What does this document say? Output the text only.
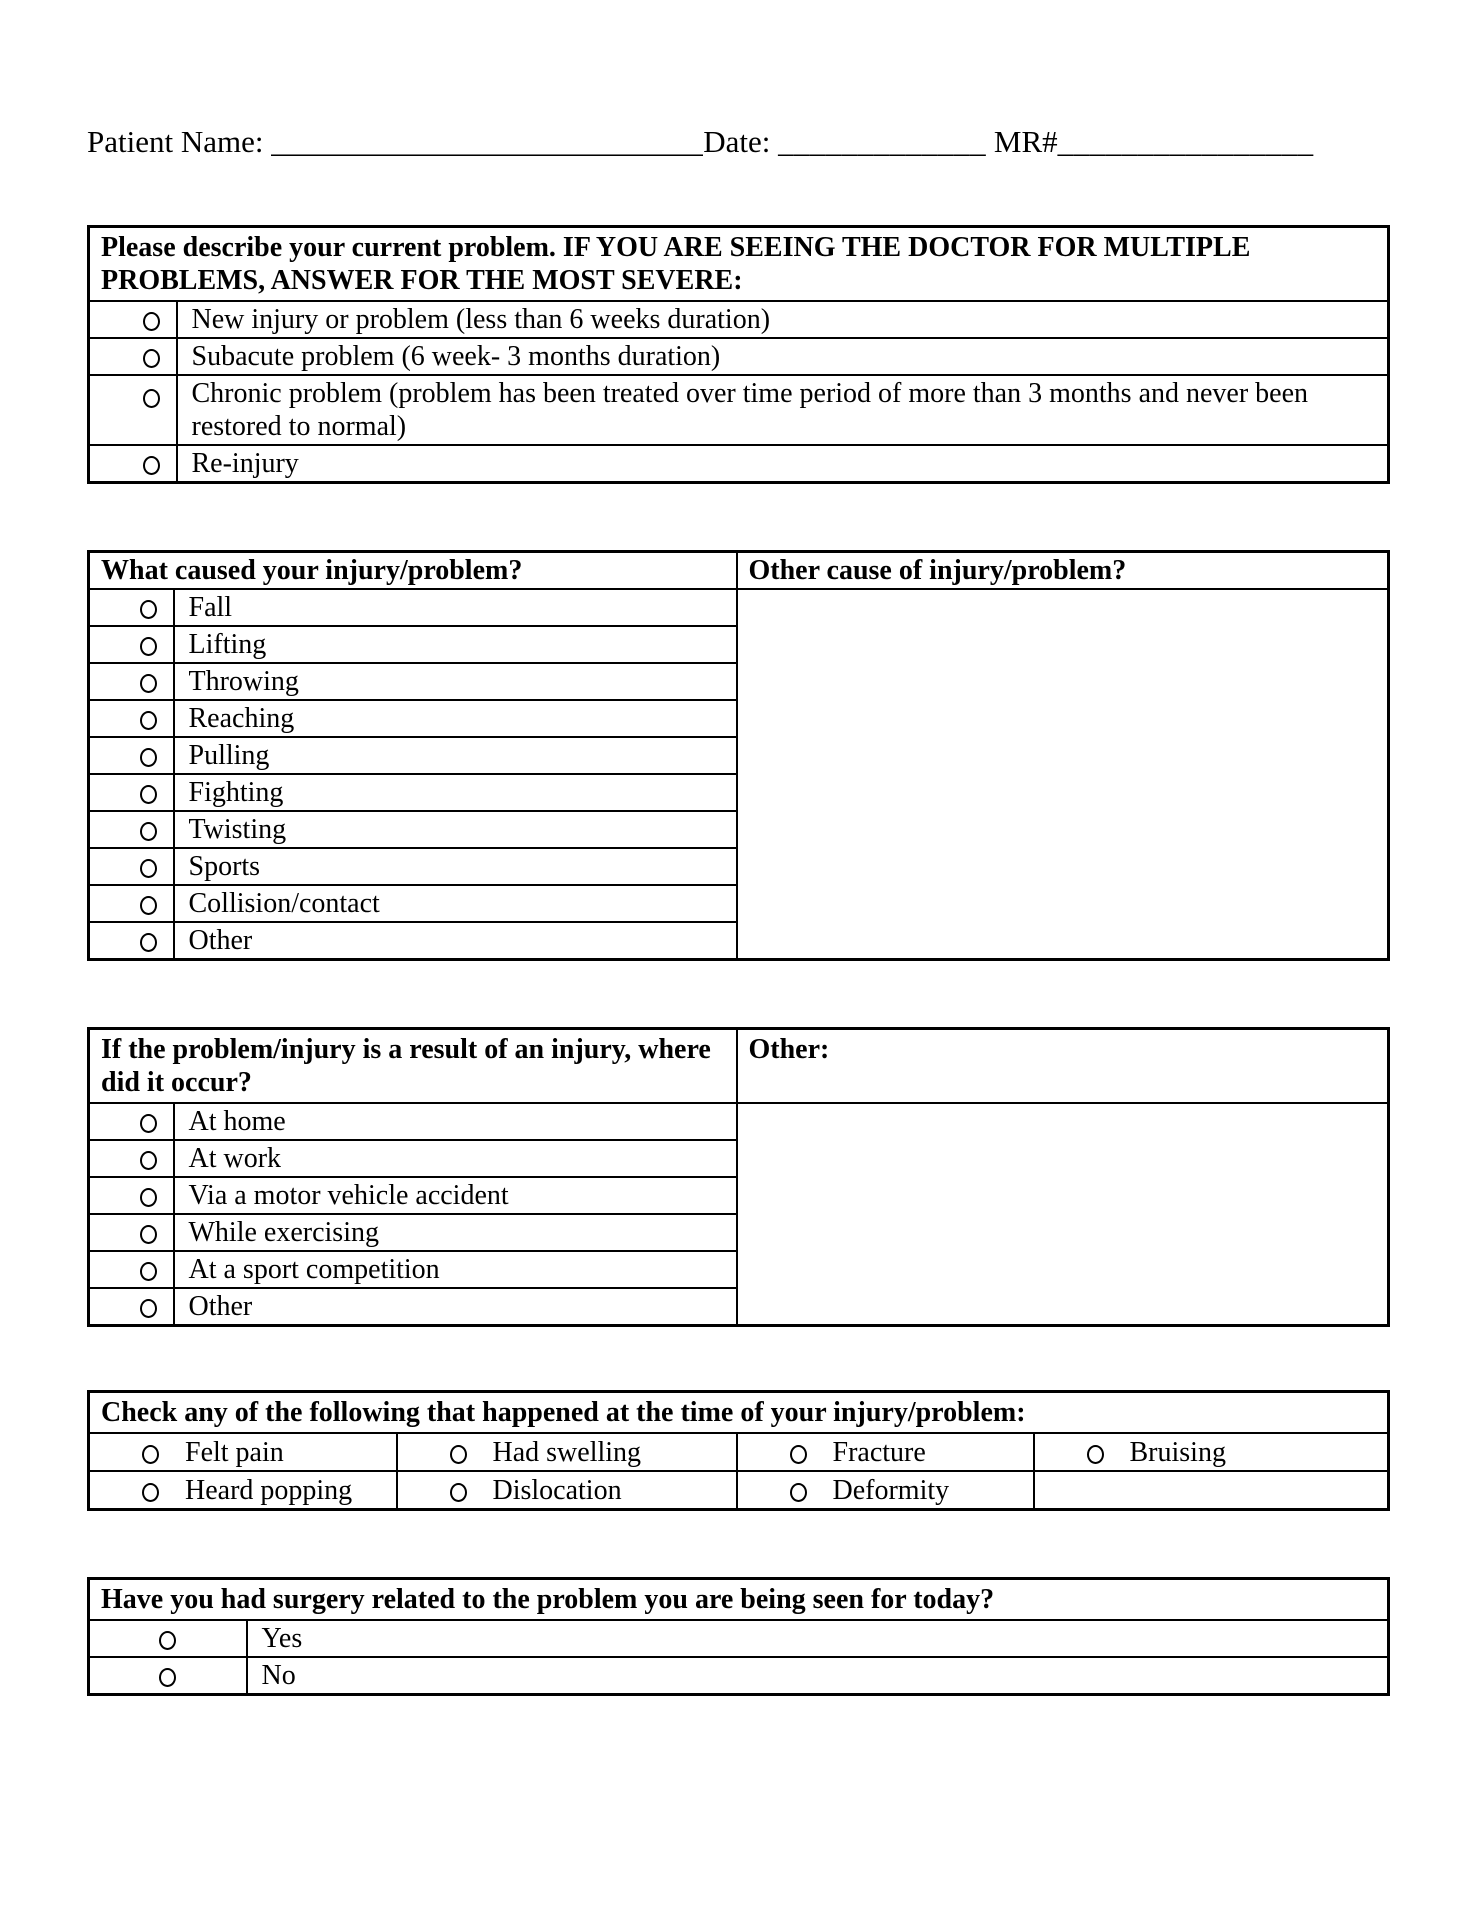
Patient Name: ___________________________Date: _____________ MR#________________
Please describe your current problem. IF YOU ARE SEEING THE DOCTOR FOR MULTIPLE PROBLEMS, ANSWER FOR THE MOST SEVERE:	
	New injury or problem (less than 6 weeks duration)
	Subacute problem (6 week- 3 months duration)
	Chronic problem (problem has been treated over time period of more than 3 months and never been restored to normal)
	Re-injury
What caused your injury/problem?		Other cause of injury/problem?
	Fall	
	Lifting	
	Throwing	
	Reaching	
	Pulling	
	Fighting	
	Twisting	
	Sports	
	Collision/contact	
	Other	
If the problem/injury is a result of an injury, where did it occur?		Other:
	At home	
	At work	
	Via a motor vehicle accident	
	While exercising	
	At a sport competition	
	Other	
Check any of the following that happened at the time of your injury/problem:			
Felt pain	Had swelling	Fracture	Bruising
Heard popping	Dislocation	Deformity	
Have you had surgery related to the problem you are being seen for today?	
	Yes
	No
